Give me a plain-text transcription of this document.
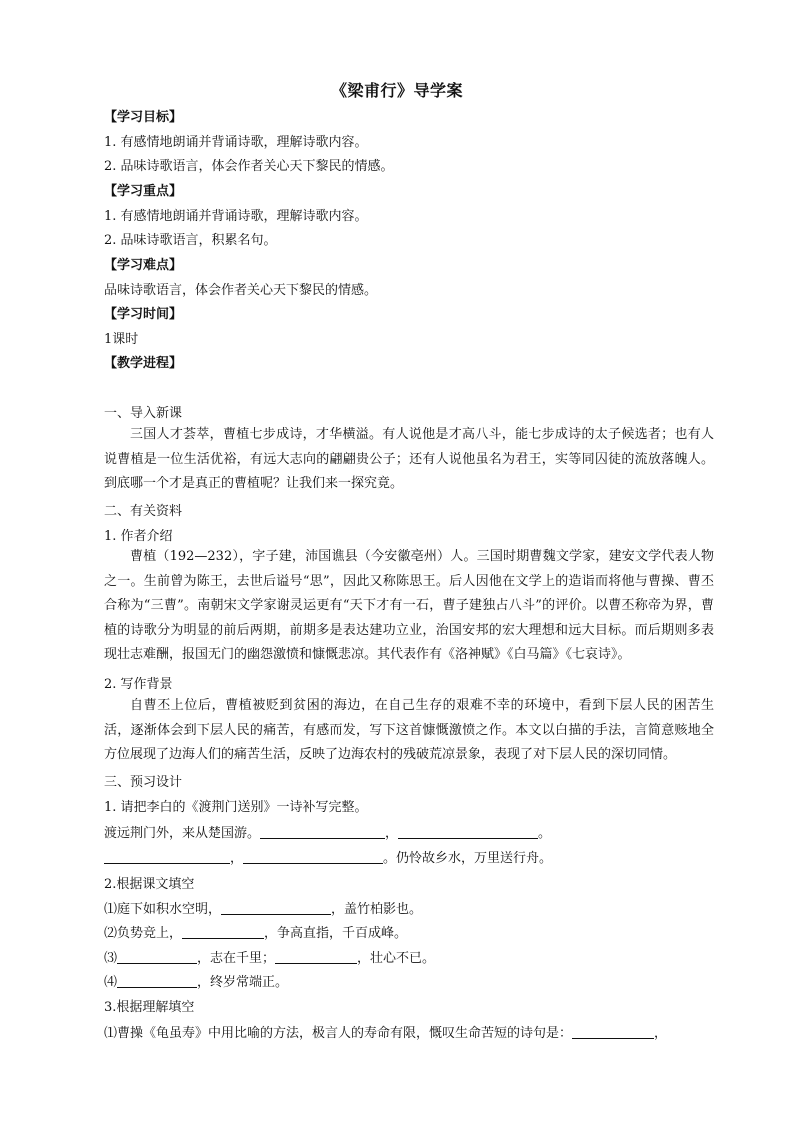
《梁甫行》导学案
【学习目标】
1. 有感情地朗诵并背诵诗歌，理解诗歌内容。
2. 品味诗歌语言，体会作者关心天下黎民的情感。
【学习重点】
1. 有感情地朗诵并背诵诗歌，理解诗歌内容。
2. 品味诗歌语言，积累名句。
【学习难点】
品味诗歌语言，体会作者关心天下黎民的情感。
【学习时间】
1课时
【教学进程】
一、导入新课

三国人才荟萃，曹植七步成诗，才华横溢。有人说他是才高八斗，能七步成诗的太子候选者；也有人说曹植是一位生活优裕，有远大志向的翩翩贵公子；还有人说他虽名为君王，实等同囚徒的流放落魄人。到底哪一个才是真正的曹植呢？让我们来一探究竟。

二、有关资料
1. 作者介绍

曹植（192—232），字子建，沛国谯县（今安徽亳州）人。三国时期曹魏文学家，建安文学代表人物之一。生前曾为陈王，去世后谥号“思”，因此又称陈思王。后人因他在文学上的造诣而将他与曹操、曹丕合称为“三曹”。南朝宋文学家谢灵运更有“天下才有一石，曹子建独占八斗”的评价。以曹丕称帝为界，曹植的诗歌分为明显的前后两期，前期多是表达建功立业，治国安邦的宏大理想和远大目标。而后期则多表现壮志难酬，报国无门的幽怨激愤和慷慨悲凉。其代表作有《洛神赋》《白马篇》《七哀诗》。

2. 写作背景

自曹丕上位后，曹植被贬到贫困的海边，在自己生存的艰难不幸的环境中，看到下层人民的困苦生活，逐渐体会到下层人民的痛苦，有感而发，写下这首慷慨激愤之作。本文以白描的手法，言简意赅地全方位展现了边海人们的痛苦生活，反映了边海农村的残破荒凉景象，表现了对下层人民的深切同情。

三、预习设计
1. 请把李白的《渡荆门送别》一诗补写完整。
渡远荆门外，来从楚国游。	，	。
，	。仍怜故乡水，万里送行舟。
2.根据课文填空
⑴庭下如积水空明，	，盖竹柏影也。
⑵负势竞上，	，争高直指，千百成峰。
⑶	，志在千里；	，壮心不已。
⑷	，终岁常端正。
3.根据理解填空
⑴曹操《龟虽寿》中用比喻的方法，极言人的寿命有限，慨叹生命苦短的诗句是：	，
